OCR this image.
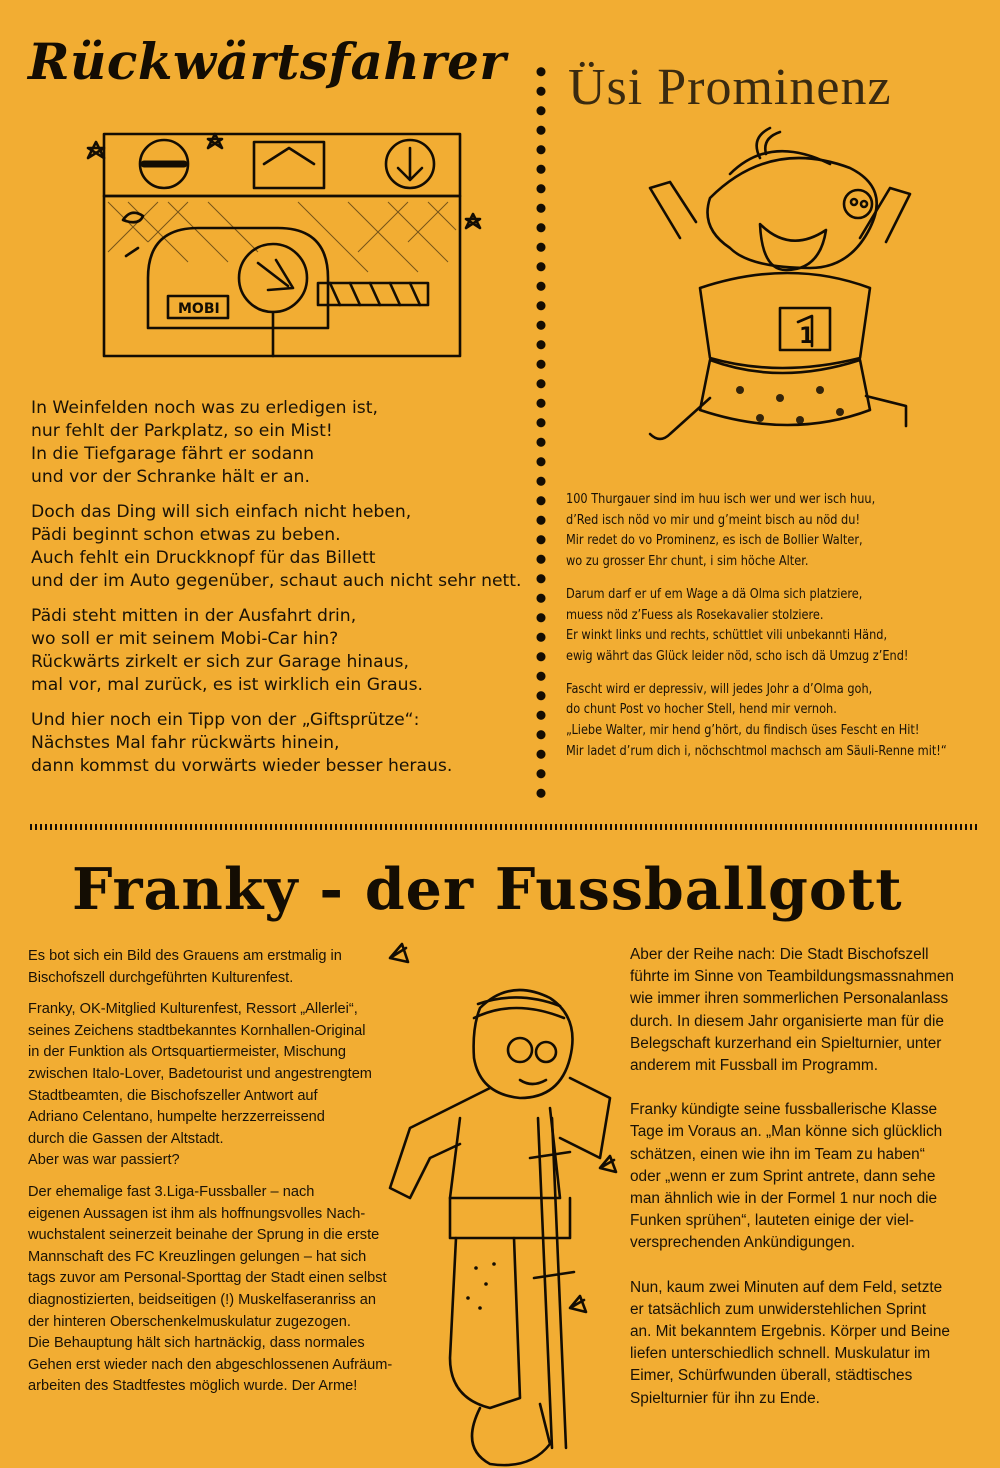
Rückwärtsfahrer Üsi Prominenz
MOBI
1
In Weinfelden noch was zu erledigen ist,
nur fehlt der Parkplatz, so ein Mist!
In die Tiefgarage fährt er sodann
und vor der Schranke hält er an.
Doch das Ding will sich einfach nicht heben,
Pädi beginnt schon etwas zu beben.
Auch fehlt ein Druckknopf für das Billett
und der im Auto gegenüber, schaut auch nicht sehr nett.
Pädi steht mitten in der Ausfahrt drin,
wo soll er mit seinem Mobi-Car hin?
Rückwärts zirkelt er sich zur Garage hinaus,
mal vor, mal zurück, es ist wirklich ein Graus.
Und hier noch ein Tipp von der „Giftsprütze“:
Nächstes Mal fahr rückwärts hinein,
dann kommst du vorwärts wieder besser heraus.
100 Thurgauer sind im huu isch wer und wer isch huu,
d’Red isch nöd vo mir und g’meint bisch au nöd du!
Mir redet do vo Prominenz, es isch de Bollier Walter,
wo zu grosser Ehr chunt, i sim höche Alter.
Darum darf er uf em Wage a dä Olma sich platziere,
muess nöd z’Fuess als Rosekavalier stolziere.
Er winkt links und rechts, schüttlet vili unbekannti Händ,
ewig währt das Glück leider nöd, scho isch dä Umzug z’End!
Fascht wird er depressiv, will jedes Johr a d’Olma goh,
do chunt Post vo hocher Stell, hend mir vernoh.
„Liebe Walter, mir hend g’hört, du findisch üses Fescht en Hit!
Mir ladet d’rum dich i, nöchschtmol machsch am Säuli-Renne mit!“
Franky - der Fussballgott
Es bot sich ein Bild des Grauens am erstmalig in
Bischofszell durchgeführten Kulturenfest.
Franky, OK-Mitglied Kulturenfest, Ressort „Allerlei“,
seines Zeichens stadtbekanntes Kornhallen-Original
in der Funktion als Ortsquartiermeister, Mischung
zwischen Italo-Lover, Badetourist und angestrengtem
Stadtbeamten, die Bischofszeller Antwort auf
Adriano Celentano, humpelte herzzerreissend
durch die Gassen der Altstadt.
Aber was war passiert?
Der ehemalige fast 3.Liga-Fussballer – nach
eigenen Aussagen ist ihm als hoffnungsvolles Nach-
wuchstalent seinerzeit beinahe der Sprung in die erste
Mannschaft des FC Kreuzlingen gelungen – hat sich
tags zuvor am Personal-Sporttag der Stadt einen selbst
diagnostizierten, beidseitigen (!) Muskelfaseranriss an
der hinteren Oberschenkelmuskulatur zugezogen.
Die Behauptung hält sich hartnäckig, dass normales
Gehen erst wieder nach den abgeschlossenen Aufräum-
arbeiten des Stadtfestes möglich wurde. Der Arme!
Aber der Reihe nach: Die Stadt Bischofszell
führte im Sinne von Teambildungsmassnahmen
wie immer ihren sommerlichen Personalanlass
durch. In diesem Jahr organisierte man für die
Belegschaft kurzerhand ein Spielturnier, unter
anderem mit Fussball im Programm.
Franky kündigte seine fussballerische Klasse
Tage im Voraus an. „Man könne sich glücklich
schätzen, einen wie ihn im Team zu haben“
oder „wenn er zum Sprint antrete, dann sehe
man ähnlich wie in der Formel 1 nur noch die
Funken sprühen“, lauteten einige der viel-
versprechenden Ankündigungen.
Nun, kaum zwei Minuten auf dem Feld, setzte
er tatsächlich zum unwiderstehlichen Sprint
an. Mit bekanntem Ergebnis. Körper und Beine
liefen unterschiedlich schnell. Muskulatur im
Eimer, Schürfwunden überall, städtisches
Spielturnier für ihn zu Ende.
